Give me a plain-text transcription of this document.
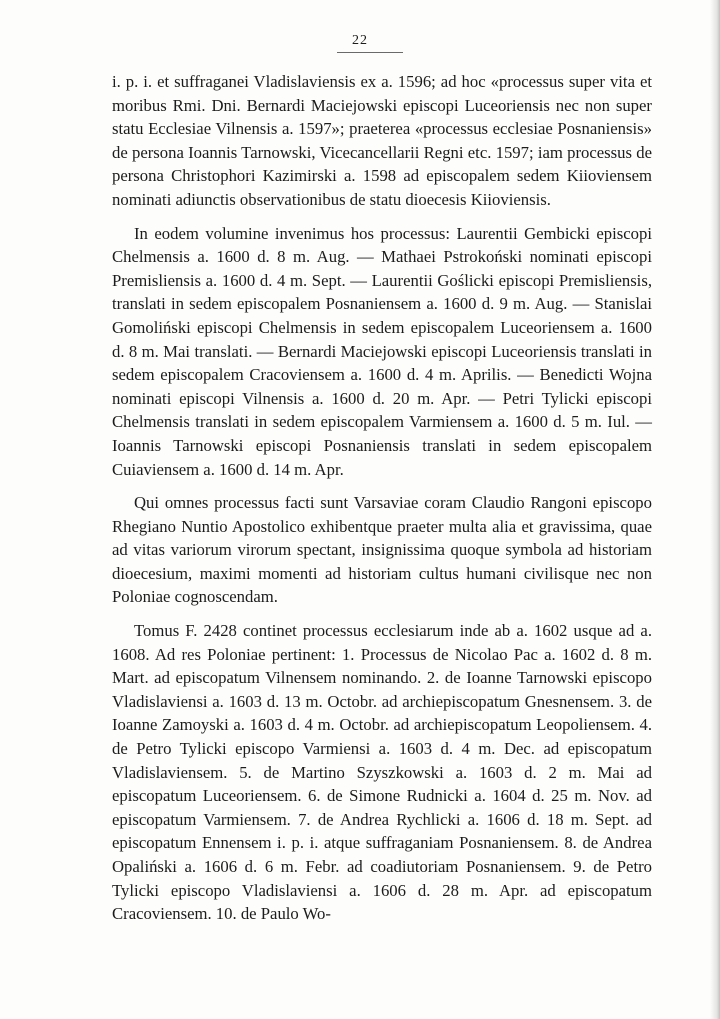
22

i. p. i. et suffraganei Vladislaviensis ex a. 1596; ad hoc «processus super vita et moribus Rmi. Dni. Bernardi Maciejowski episcopi Luceoriensis nec non super statu Ecclesiae Vilnensis a. 1597»; praeterea «processus ecclesiae Posnaniensis» de persona Ioannis Tarnowski, Vicecancellarii Regni etc. 1597; iam processus de persona Christophori Kazimirski a. 1598 ad episcopalem sedem Kiioviensem nominati adiunctis observationibus de statu dioecesis Kiioviensis.

In eodem volumine invenimus hos processus: Laurentii Gembicki episcopi Chelmensis a. 1600 d. 8 m. Aug. — Mathaei Pstrokoński nominati episcopi Premisliensis a. 1600 d. 4 m. Sept. — Laurentii Goślicki episcopi Premisliensis, translati in sedem episcopalem Posnaniensem a. 1600 d. 9 m. Aug. — Stanislai Gomoliński episcopi Chelmensis in sedem episcopalem Luceoriensem a. 1600 d. 8 m. Mai translati. — Bernardi Maciejowski episcopi Luceoriensis translati in sedem episcopalem Cracoviensem a. 1600 d. 4 m. Aprilis. — Benedicti Wojna nominati episcopi Vilnensis a. 1600 d. 20 m. Apr. — Petri Tylicki episcopi Chelmensis translati in sedem episcopalem Varmiensem a. 1600 d. 5 m. Iul. — Ioannis Tarnowski episcopi Posnaniensis translati in sedem episcopalem Cuiaviensem a. 1600 d. 14 m. Apr.

Qui omnes processus facti sunt Varsaviae coram Claudio Rangoni episcopo Rhegiano Nuntio Apostolico exhibentque praeter multa alia et gravissima, quae ad vitas variorum virorum spectant, insignissima quoque symbola ad historiam dioecesium, maximi momenti ad historiam cultus humani civilisque nec non Poloniae cognoscendam.

Tomus F. 2428 continet processus ecclesiarum inde ab a. 1602 usque ad a. 1608. Ad res Poloniae pertinent: 1. Processus de Nicolao Pac a. 1602 d. 8 m. Mart. ad episcopatum Vilnensem nominando. 2. de Ioanne Tarnowski episcopo Vladislaviensi a. 1603 d. 13 m. Octobr. ad archiepiscopatum Gnesnensem. 3. de Ioanne Zamoyski a. 1603 d. 4 m. Octobr. ad archiepiscopatum Leopoliensem. 4. de Petro Tylicki episcopo Varmiensi a. 1603 d. 4 m. Dec. ad episcopatum Vladislaviensem. 5. de Martino Szyszkowski a. 1603 d. 2 m. Mai ad episcopatum Luceoriensem. 6. de Simone Rudnicki a. 1604 d. 25 m. Nov. ad episcopatum Varmiensem. 7. de Andrea Rychlicki a. 1606 d. 18 m. Sept. ad episcopatum Ennensem i. p. i. atque suffraganiam Posnaniensem. 8. de Andrea Opaliński a. 1606 d. 6 m. Febr. ad coadiutoriam Posnaniensem. 9. de Petro Tylicki episcopo Vladislaviensi a. 1606 d. 28 m. Apr. ad episcopatum Cracoviensem. 10. de Paulo Wo-
